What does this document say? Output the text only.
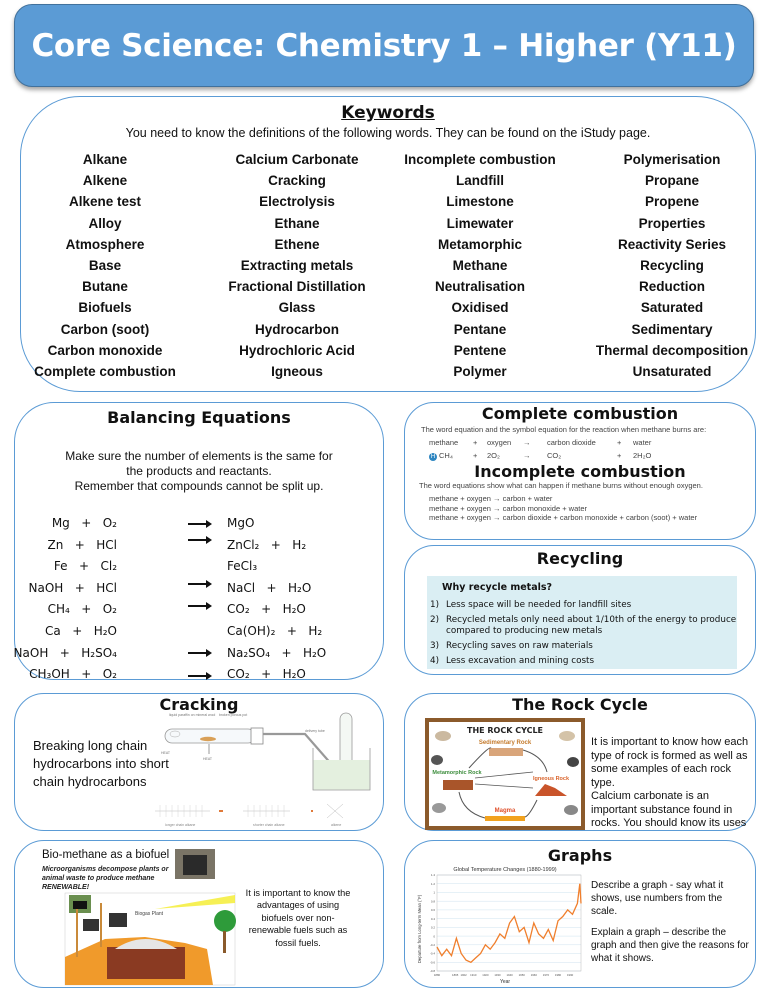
Core Science: Chemistry 1 – Higher (Y11)
Keywords
You need to know the definitions of the following words. They can be found on the iStudy page.
Alkane
Alkene
Alkene test
Alloy
Atmosphere
Base
Butane
Biofuels
Carbon (soot)
Carbon monoxide
Complete combustion
Calcium Carbonate
Cracking
Electrolysis
Ethane
Ethene
Extracting metals
Fractional Distillation
Glass
Hydrocarbon
Hydrochloric Acid
Igneous
Incomplete combustion
Landfill
Limestone
Limewater
Metamorphic
Methane
Neutralisation
Oxidised
Pentane
Pentene
Polymer
Polymerisation
Propane
Propene
Properties
Reactivity Series
Recycling
Reduction
Saturated
Sedimentary
Thermal decomposition
Unsaturated
Balancing Equations
Make sure the number of elements is the same for
the products and reactants.
Remember that compounds cannot be split up.
Mg   +   O₂	MgO
Zn   +   HCl	ZnCl₂   +   H₂
Fe   +   Cl₂	FeCl₃
NaOH   +   HCl	NaCl   +   H₂O
CH₄   +   O₂	CO₂   +   H₂O
Ca   +   H₂O	Ca(OH)₂   +   H₂
NaOH   +   H₂SO₄	Na₂SO₄   +   H₂O
CH₃OH   +   O₂	CO₂   +   H₂O
Complete combustion
The word equation and the symbol equation for the reaction when methane burns are:
methane	+	oxygen	→	carbon dioxide	+	water
H CH₄	+	2O₂	→	CO₂	+	2H₂O
Incomplete combustion
The word equations show what can happen if methane burns without enough oxygen.
methane + oxygen → carbon + water
methane + oxygen → carbon monoxide + water
methane + oxygen → carbon dioxide + carbon monoxide + carbon (soot) + water
Recycling
Why recycle metals?
1) Less space will be needed for landfill sites
2) Recycled metals only need about 1/10th of the energy to produce compared to producing new metals
3) Recycling saves on raw materials
4) Less excavation and mining costs
Cracking
Breaking long chain hydrocarbons into short chain hydrocarbons
liquid paraffin on mineral wool broken porous pot
delivery tube
HEAT
HEAT
longer chain alkane	shorter chain alkane	alkene
The Rock Cycle
THE ROCK CYCLE
Sedimentary Rock
Metamorphic Rock
Igneous Rock
Magma
It is important to know how each type of rock is formed as well as some examples of each rock type.
Calcium carbonate is an important substance found in rocks. You should know its uses
Biogas Plant
Bio-methane as a biofuel
Microorganisms decompose plants or animal waste to produce methane RENEWABLE!
It is important to know the advantages of using biofuels over non-renewable fuels such as fossil fuels.
Graphs
Global Temperature Changes (1880-1999)
Year
Departure from Long-term Mean (°F)
-0.8
-0.6
-0.4
-0.2
0
0.2
0.4
0.6
0.8
1
1.2
1.4
1880	1895 1902 1910 1920 1930 1940 1950 1960 1970 1980 1990

Describe a graph - say what it shows, use numbers from the scale.

Explain a graph – describe the graph and then give the reasons for what it shows.
